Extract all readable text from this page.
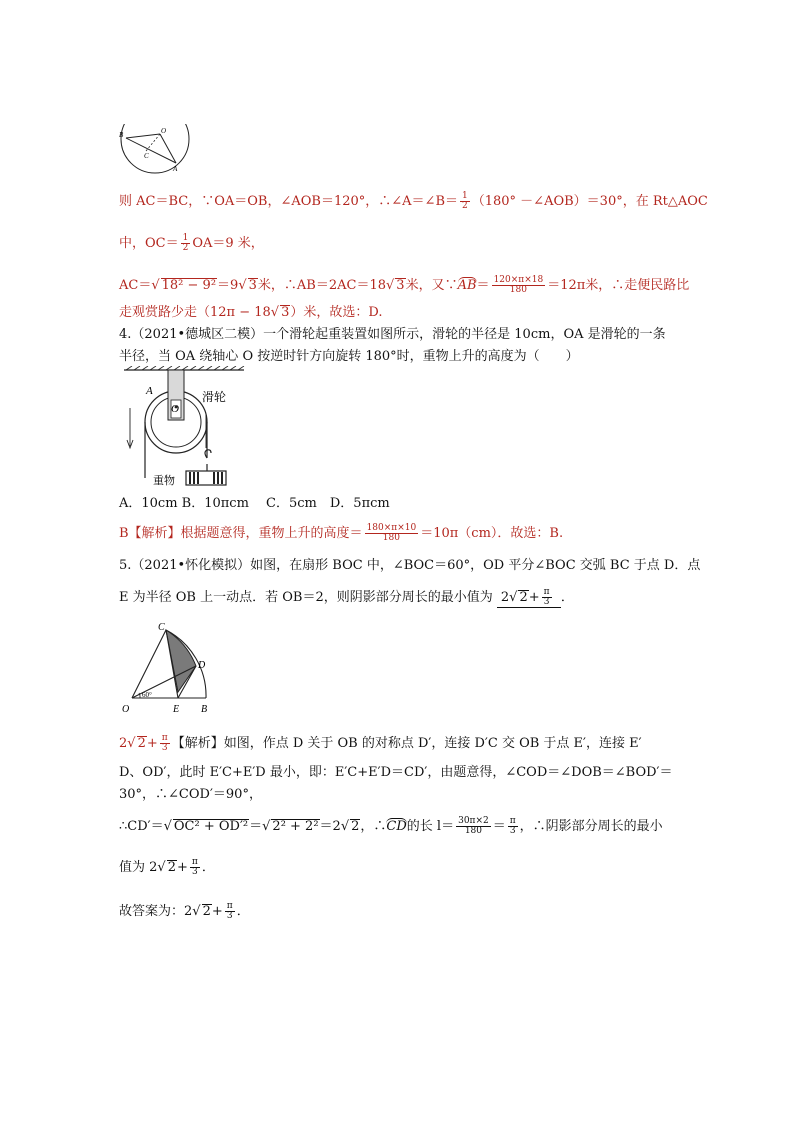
B	O
C
A
则 AC＝BC，∵OA＝OB，∠AOB＝120°，∴∠A＝∠B＝ $\frac{1}{2} (180^\circ$ －∠AOB）＝30°，在 Rt△AOC
中，$OC= \frac{1}{2} OA=9$ 米，
AC＝√ 18² − 9²＝9√ 3米，∴AB＝2AC＝18√ 3米，又∵AB＝ $\frac{120\times\pi\times 18}{180} =12\pi$米，∴走便民路比
走观赏路少走（12π − 18√ 3）米，故选：D.
4.（2021•德城区二模）一个滑轮起重装置如图所示，滑轮的半径是 10cm，OA 是滑轮的一条
半径，当 OA 绕轴心 O 按逆时针方向旋转 180°时，重物上升的高度为（　　）
A
O
滑轮
重物
A．10cm B．10πcm　 C．5cm　D．5πcm
B【解析】根据题意得，重物上升的高度＝ $\frac{180\times\pi\times 10}{180} =10\pi(cm)$．故选：B.
5.（2021•怀化模拟）如图，在扇形 BOC 中，∠BOC＝60°，OD 平分∠BOC 交弧 BC 于点 D．点
E 为半径 OB 上一动点．若 OB＝2，则阴影部分周长的最小值为 2√ $2+ \frac{\pi}{3}$ ．
60°
C
D
O	E B
2√ $2+ \frac{\pi}{3}$ 【解析】如图，作点 D 关于 OB 的对称点 D′，连接 D′C 交 OB 于点 E′，连接 E′
D、OD′，此时 E′C+E′D 最小，即：E′C+E′D＝CD′，由题意得，∠COD＝∠DOB＝∠BOD′＝
30°，∴∠COD′＝90°，
∴CD′＝√ OC² + OD′²＝√ 2² + 2²＝2√ 2，∴CD的长 $l= \frac{30\pi\times 2}{180} = \frac{\pi}{3}$ ，∴阴影部分周长的最小
值为 2√ $2+ \frac{\pi}{3}$ ．
故答案为：2√ $2+ \frac{\pi}{3}$ ．
